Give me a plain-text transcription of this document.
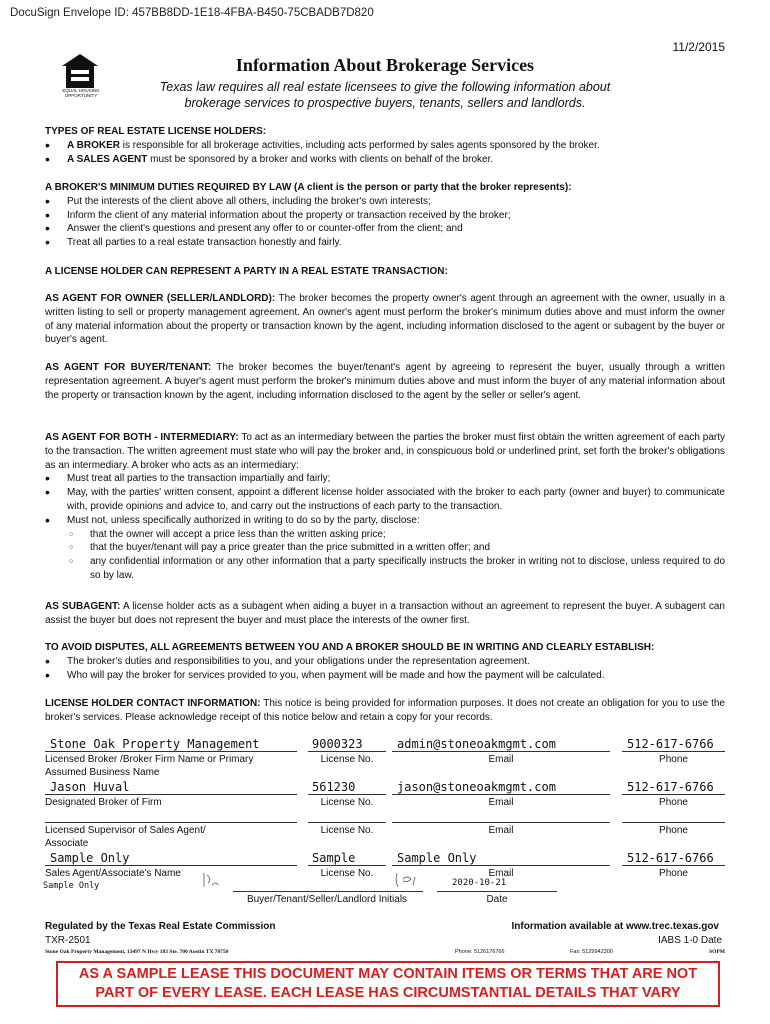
DocuSign Envelope ID: 457BB8DD-1E18-4FBA-B450-75CBADB7D820
11/2/2015
EQUAL HOUSING OPPORTUNITY
Information About Brokerage Services
Texas law requires all real estate licensees to give the following information about brokerage services to prospective buyers, tenants, sellers and landlords.
TYPES OF REAL ESTATE LICENSE HOLDERS:
• A BROKER is responsible for all brokerage activities, including acts performed by sales agents sponsored by the broker.
• A SALES AGENT must be sponsored by a broker and works with clients on behalf of the broker.
A BROKER'S MINIMUM DUTIES REQUIRED BY LAW (A client is the person or party that the broker represents):
• Put the interests of the client above all others, including the broker's own interests;
• Inform the client of any material information about the property or transaction received by the broker;
• Answer the client's questions and present any offer to or counter-offer from the client; and
• Treat all parties to a real estate transaction honestly and fairly.
A LICENSE HOLDER CAN REPRESENT A PARTY IN A REAL ESTATE TRANSACTION:
AS AGENT FOR OWNER (SELLER/LANDLORD): The broker becomes the property owner's agent through an agreement with the owner, usually in a written listing to sell or property management agreement. An owner's agent must perform the broker's minimum duties above and must inform the owner of any material information about the property or transaction known by the agent, including information disclosed to the agent or subagent by the buyer or buyer's agent.
AS AGENT FOR BUYER/TENANT: The broker becomes the buyer/tenant's agent by agreeing to represent the buyer, usually through a written representation agreement. A buyer's agent must perform the broker's minimum duties above and must inform the buyer of any material information about the property or transaction known by the agent, including information disclosed to the agent by the seller or seller's agent.
AS AGENT FOR BOTH - INTERMEDIARY: To act as an intermediary between the parties the broker must first obtain the written agreement of each party to the transaction. The written agreement must state who will pay the broker and, in conspicuous bold or underlined print, set forth the broker's obligations as an intermediary. A broker who acts as an intermediary:
• Must treat all parties to the transaction impartially and fairly;
• May, with the parties' written consent, appoint a different license holder associated with the broker to each party (owner and buyer) to communicate with, provide opinions and advice to, and carry out the instructions of each party to the transaction.
• Must not, unless specifically authorized in writing to do so by the party, disclose:
○ that the owner will accept a price less than the written asking price;
○ that the buyer/tenant will pay a price greater than the price submitted in a written offer; and
○ any confidential information or any other information that a party specifically instructs the broker in writing not to disclose, unless required to do so by law.
AS SUBAGENT: A license holder acts as a subagent when aiding a buyer in a transaction without an agreement to represent the buyer. A subagent can assist the buyer but does not represent the buyer and must place the interests of the owner first.
TO AVOID DISPUTES, ALL AGREEMENTS BETWEEN YOU AND A BROKER SHOULD BE IN WRITING AND CLEARLY ESTABLISH:
• The broker's duties and responsibilities to you, and your obligations under the representation agreement.
• Who will pay the broker for services provided to you, when payment will be made and how the payment will be calculated.
LICENSE HOLDER CONTACT INFORMATION: This notice is being provided for information purposes. It does not create an obligation for you to use the broker's services. Please acknowledge receipt of this notice below and retain a copy for your records.
Stone Oak Property Management	9000323	admin@stoneoakmgmt.com	512-617-6766
Licensed Broker /Broker Firm Name or Primary Assumed Business Name
License No.	Email	Phone
Jason Huval	561230	jason@stoneoakmgmt.com	512-617-6766
Designated Broker of Firm	License No.	Email	Phone
Licensed Supervisor of Sales Agent/ Associate
License No.	Email	Phone
Sample Only	Sample	Sample Only	512-617-6766
Sales Agent/Associate's Name	License No.	Email	Phone
Sample Only	2020-10-21
Buyer/Tenant/Seller/Landlord Initials	Date
Regulated by the Texas Real Estate Commission	Information available at www.trec.texas.gov
TXR-2501	IABS 1-0 Date
Stone Oak Property Management, 13497 N Hwy 183 Ste. 700 Austin TX 78750	Phone: 5126176766	Fax: 5129942300	SOPM
AS A SAMPLE LEASE THIS DOCUMENT MAY CONTAIN ITEMS OR TERMS THAT ARE NOT PART OF EVERY LEASE. EACH LEASE HAS CIRCUMSTANTIAL DETAILS THAT VARY
